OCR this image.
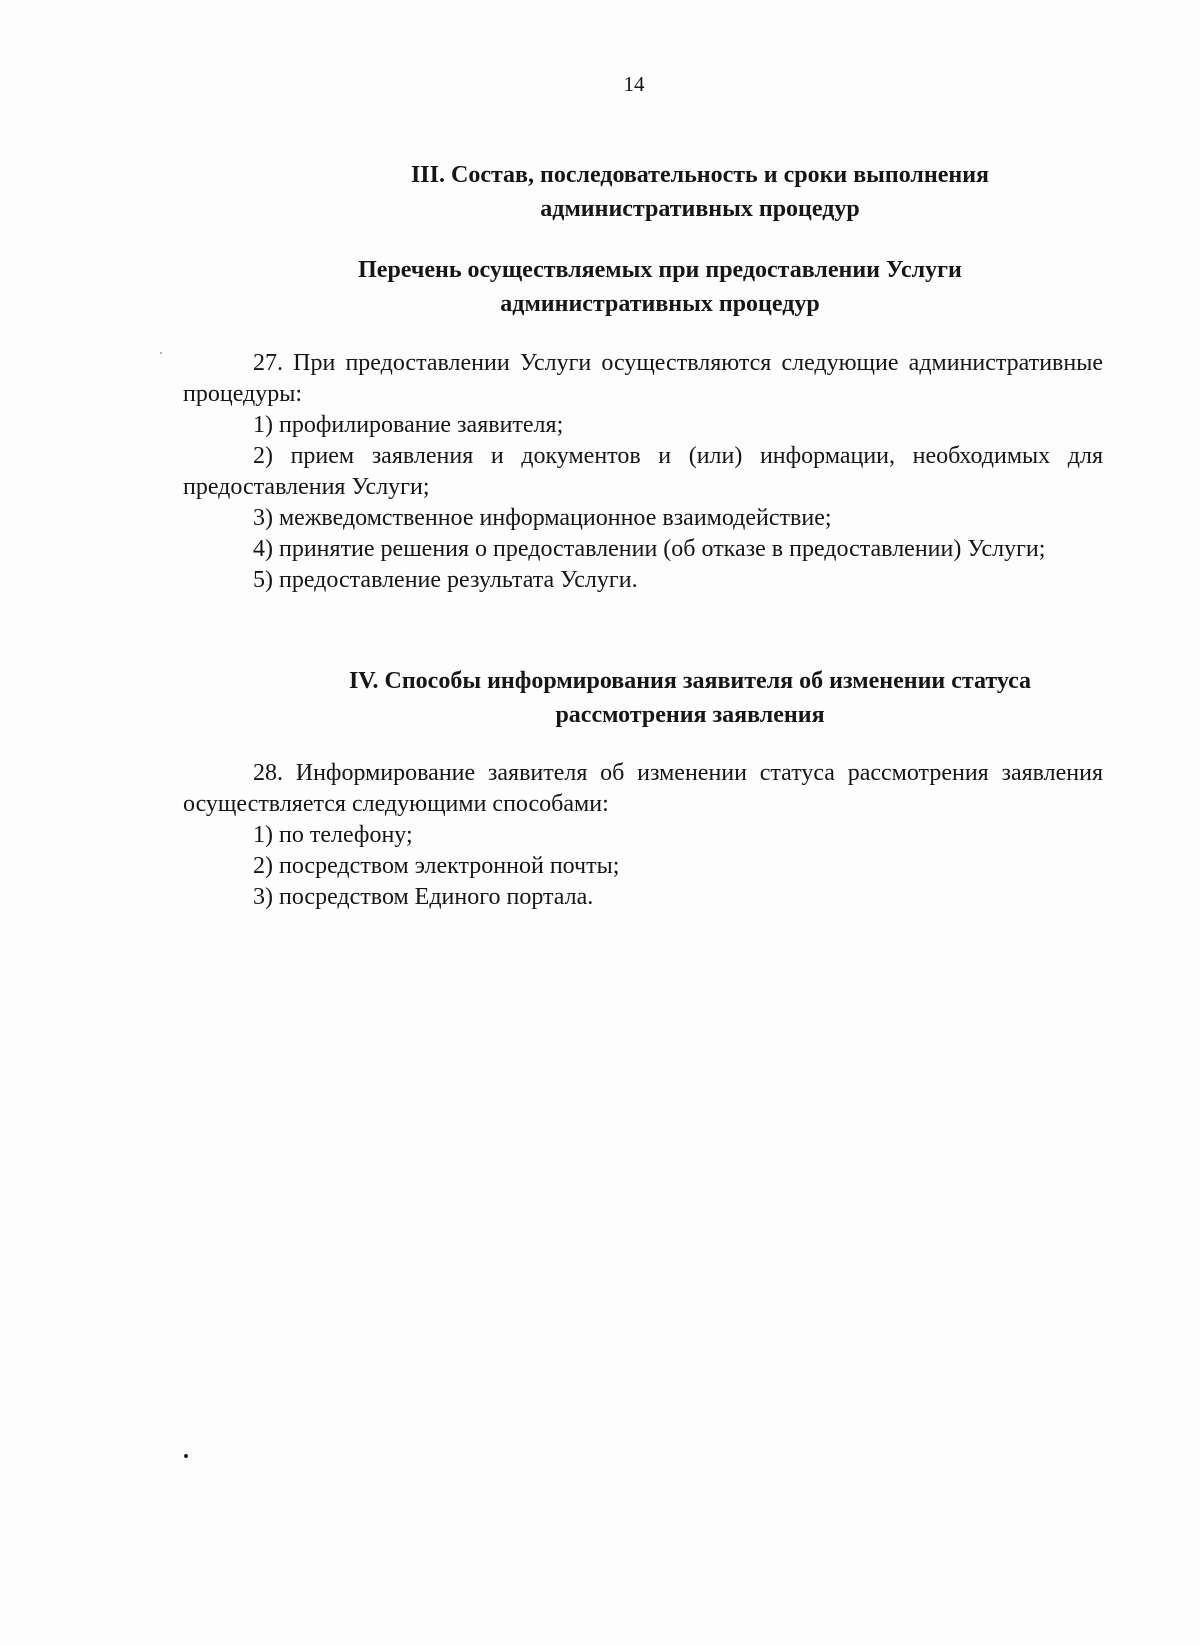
14
III. Состав, последовательность и сроки выполнения
административных процедур
Перечень осуществляемых при предоставлении Услуги
административных процедур

27. При предоставлении Услуги осуществляются следующие административные процедуры:

1) профилирование заявителя;

2) прием заявления и документов и (или) информации, необходимых для предоставления Услуги;

3) межведомственное информационное взаимодействие;

4) принятие решения о предоставлении (об отказе в предоставлении) Услуги;

5) предоставление результата Услуги.

IV. Способы информирования заявителя об изменении статуса
рассмотрения заявления

28. Информирование заявителя об изменении статуса рассмотрения заявления осуществляется следующими способами:

1) по телефону;

2) посредством электронной почты;

3) посредством Единого портала.
